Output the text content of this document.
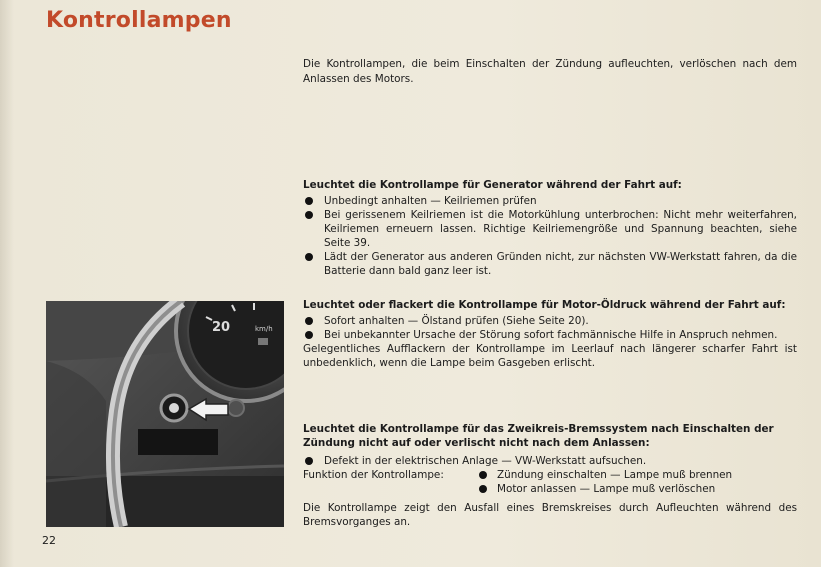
Kontrollampen
Die Kontrollampen, die beim Einschalten der Zündung aufleuchten, verlöschen nach dem Anlassen des Motors.
Leuchtet die Kontrollampe für Generator während der Fahrt auf:
Unbedingt anhalten — Keilriemen prüfen
Bei gerissenem Keilriemen ist die Motorkühlung unterbrochen: Nicht mehr weiterfahren, Keilriemen erneuern lassen. Richtige Keilriemengröße und Spannung beachten, siehe Seite 39.
Lädt der Generator aus anderen Gründen nicht, zur nächsten VW-Werkstatt fahren, da die Batterie dann bald ganz leer ist.
Leuchtet oder flackert die Kontrollampe für Motor-Öldruck während der Fahrt auf:
Sofort anhalten — Ölstand prüfen (Siehe Seite 20).
Bei unbekannter Ursache der Störung sofort fachmännische Hilfe in Anspruch nehmen.
Gelegentliches Aufflackern der Kontrollampe im Leerlauf nach längerer scharfer Fahrt ist unbedenklich, wenn die Lampe beim Gasgeben erlischt.
Leuchtet die Kontrollampe für das Zweikreis-Bremssystem nach Einschalten der Zündung nicht auf oder verlischt nicht nach dem Anlassen:
Defekt in der elektrischen Anlage — VW-Werkstatt aufsuchen.
Funktion der Kontrollampe:	Zündung einschalten — Lampe muß brennen
Motor anlassen — Lampe muß verlöschen
Die Kontrollampe zeigt den Ausfall eines Bremskreises durch Aufleuchten während des Bremsvorganges an.
20	km/h
22
